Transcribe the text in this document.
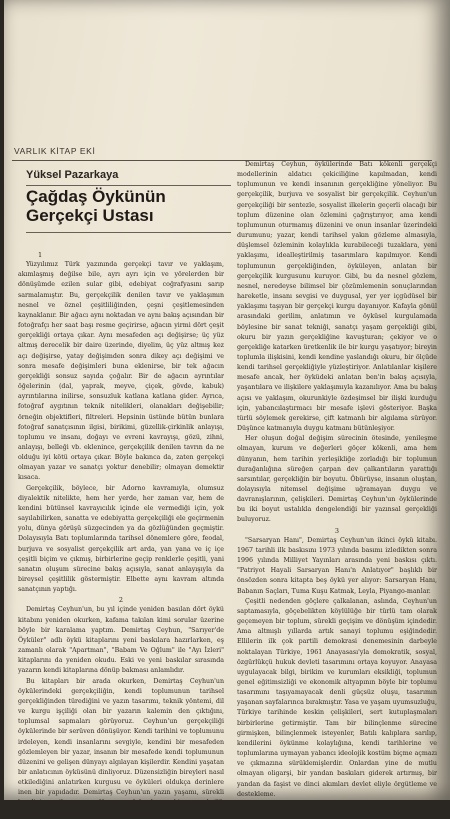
VARLIK KİTAP EKİ
Yüksel Pazarkaya
Çağdaş Öykünün Gerçekçi Ustası

1

Yüzyılımız Türk yazınında gerçekçi tavır ve yaklaşım, akımlaşmış değilse bile, ayrı ayrı için ve yörelerden bir dönüşümde ezilen sular gibi, edebiyat coğrafyasını sarıp sarmalamıştır. Bu, gerçekçilik denilen tavır ve yaklaşımın nesnel ve öznel çeşitliliğinden, çeşni çeşitlemesinden kaynaklanır. Bir ağacı aynı noktadan ve aynı bakış açısından bir fotoğrafçı her saat başı resme geçirirse, ağacın yirmi dört çeşit gerçekliği ortaya çıkar. Aynı mesafeden açı değişirse; üç yüz altmış derecelik bir daire üzerinde, diyelim, üç yüz altmış kez açı değişirse, yatay değişimden sonra dikey açı değişimi ve sonra mesafe değişimleri buna eklenirse, bir tek ağacın gerçekliği sonsuz sayıda çoğalır. Bir de ağacın ayrıntılar öğelerinin (dal, yaprak, meyve, çiçek, gövde, kabuk) ayrıntılarına inilirse, sonsuzluk katlana katlana gider. Ayrıca, fotoğraf aygıtının teknik nitelikleri, olanakları değişebilir; örneğin objektifleri, filtreleri. Hepsinin üstünde bütün bunlara fotoğraf sanatçısının ilgisi, birikimi, güzellik-çirkinlik anlayışı, toplumu ve insanı, doğayı ve evreni kavrayışı, gözü, zihni, anlayışı, belleği vb. eklenince, gerçekçilik denilen tavrın da ne olduğu iyi kötü ortaya çıkar. Böyle bakınca da, zaten gerçekçi olmayan yazar ve sanatçı yoktur denebilir; olmayan demektir kısaca.

Gerçekçilik, böylece, bir Adorno kavramıyla, olumsuz diyalektik nitelikte, hem her yerde, her zaman var, hem de kendini bütünsel kavrayıcılık içinde ele vermediği için, yok sayılabilirken, sanatta ve edebiyatta gerçekçiliği ele geçirmenin yolu, dünya görüşü süzgecinden ya da gözlüğünden geçmiştir. Dolayısıyla Batı toplumlarında tarihsel dönemlere göre, feodal, burjuva ve sosyalist gerçekçilik art arda, yan yana ve iç içe çeşitli biçim ve çıkmış, birbirlerine geçip renklerle çeşitli, yani sanatın oluşum sürecine bakış açısıyla, sanat anlayışıyla da bireysel çeşitlilik göstermiştir. Elbette aynı kavram altında sanatçının yaptığı.

2

Demirtaş Ceyhun'un, bu yıl içinde yeniden basılan dört öykü kitabını yeniden okurken, kafama takılan kimi sorular üzerine böyle bir karalama yaptım. Demirtaş Ceyhun, "Sarıyer'de Öyküler" adlı öykü kitaplarını yeni baskılara hazırlarken, eş zamanlı olarak "Apartman", "Babam Ve Oğlum" ile "Ayı İzleri" kitaplarını da yeniden okudu. Eski ve yeni baskılar sırasında yazarın kendi kitaplarına dönüp bakması anlamlıdır.

Bu kitapları bir arada okurken, Demirtaş Ceyhun'un öykülerindeki gerçekçiliğin, kendi toplumunun tarihsel gerçekliğinden türediğini ve yazın tasarımı, teknik yöntemi, dil ve kurgu işçiliği olan bir yazarın kalemin den çıktığını, toplumsal sapmaları görüyoruz. Ceyhun'un gerçekçiliği öykülerinde bir serüven dönüşüyor. Kendi tarihini ve toplumunu irdeleyen, kendi insanlarını sevgiyle, kendini bir mesafeden gözlemleyen bir yazar, insanın bir mesafede kendi toplumunun düzenini ve gelişen dünyayı algılayan kişilerdir. Kendini yaşatan bir anlatıcının öyküsünü dinliyoruz. Düzensizliğin bireyleri nasıl etkilediğini anlatırken kurgusu ve öyküleri oldukça derinlere inen bir yapıdadır. Demirtaş Ceyhun'un yazın yaşamı, sürekli kendini yenileyen ve dünyayı gözlemleyen bir gerçekçilik çizgisinde diyalektik bir yolculuğa dönüşür.

Demirtaş Ceyhun, öykülerinde Batı kökenli gerçekçi modellerinin aldatıcı çekiciliğine kapılmadan, kendi toplumunun ve kendi insanının gerçekliğine yöneliyor. Bu gerçekçilik, burjuva ve sosyalist bir gerçekçilik. Ceyhun'un gerçekçiliği bir sentezle, sosyalist ilkelerin geçerli olacağı bir toplum düzenine olan özlemini çağrıştırıyor, ama kendi toplumunun oturmamış düzenini ve onun insanlar üzerindeki durumunu; yazar, kendi tarihsel yakın gözleme almasıyla, düşlemsel özleminin kolaylıkla kurabileceği tuzaklara, yeni yaklaşımı, idealleştirilmiş tasarımlara kapılmıyor. Kendi toplumunun gerçekliğinden, öyküleyen, anlatan bir gerçekçilik kurgusunu kuruyor. Gibi, bu da nesnel gözlem, nesnel, neredeyse bilimsel bir çözümlemenin sonuçlarından hareketle, insanı sevgisi ve duygusal, yer yer içgüdüsel bir yaklaşımı taşıyan bir gerçekçi kurgu dayanıyor. Kafayla gönül arasındaki gerilim, anlatımın ve öyküsel kurgulamada böylesine bir sanat tekniği, sanatçı yaşam gerçekliği gibi, okuru bir yazın gerçekliğine kavuşturan; çekiyor ve o gerçekliğe katarken üretkenlik ile bir kurgu yaşatıyor; bireyin toplumla ilişkisini, kendi kendine yaslandığı okuru, bir ölçüde kendi tarihsel gerçekliğiyle yüzleştiriyor. Anlatılanlar kişilere mesafe ancak, her öyküdeki anlatan ben'in bakış açısıyla, yaşantılara ve ilişkilere yaklaşımıyla kazanılıyor. Ama bu bakış açısı ve yaklaşım, okurunkiyle özdeşimsel bir ilişki kurduğu için, yabancılaştırmacı bir mesafe işlevi gösteriyor. Başka türlü söylemek gerekirse, çift katmanlı bir algılama sürüyor. Düşünce katmanıyla duygu katmanı bütünleşiyor.

Her oluşun doğal değişim sürecinin ötesinde, yenileşme olmayan, kurum ve değerleri göçer kökenli, ama hem dünyanın, hem tarihin yerleşikliğe zorladığı bir toplumun durağanlığına süreğen çarpan dev çalkantıların yarattığı sarsıntılar, gerçekliğin bir boyutu. Öbürüyse, insanın oluştan, dolayısıyla nitemsel değişime uğramayan duygu ve davranışlarının, çelişkileri. Demirtaş Ceyhun'un öykülerinde bu iki boyut ustalıkla dengelendiği bir yazınsal gerçekliği buluyoruz.

3

"Sarsaryan Hanı", Demirtaş Ceyhun'un ikinci öykü kitabı. 1967 tarihli ilk baskısını 1973 yılında basımı izledikten sonra 1996 yılında Milliyet Yayınları arasında yeni baskısı çıktı. "Patriyot Hayali Sarsaryan Hanı'n Anlatıyor" başlıklı bir önsözden sonra kitapta beş öykü yer alıyor: Sarsaryan Hanı, Babanın Saçları, Tuma Kuşu Katmak, Leyla, Piyango-manlar.

Çeşitli nedenden göçlere çalkalanan, aslında, Ceyhun'un saptamasıyla, göçebelikten köylülüğe bir türlü tam olarak geçemeyen bir toplum, sürekli geçişim ve dönüşüm içindedir. Ama altmışlı yıllarda artık sanayi toplumu eşiğindedir. Ellilerin ilk çok partili demokrasi denemesinin darbeyle noktalayan Türkiye, 1961 Anayasası'yla demokratik, sosyal, özgürlükçü hukuk devleti tasarımını ortaya koyuyor. Anayasa uygulayacak bilgi, birikim ve kurumları eksikliği, toplumun genel eğitimsizliği ve ekonomik altyapının böyle bir toplumu tasarımını taşıyamayacak denli güçsüz oluşu, tasarımın yaşanan sayfalarınca bırakmıştır. Yasa ve yaşam uyumsuzluğu, Türkiye tarihinde keskin çelişkileri, sert kutuplaşmaları birbirlerine getirmiştir. Tam bir bilinçlenme sürecine girmişken, bilinçlenmek isteyenler, Batılı kalıplara sarılıp, kendilerini öykünme kolaylığına, kendi tarihlerine ve toplumlarına uymayan yabancı ideolojik kostüm biçme açmazı ve çıkmazına sürüklemişlerdir. Onlardan yine de mutlu olmayan oligarşi, bir yandan baskıları giderek artırmış, bir yandan da faşist ve dinci akımları devlet eliyle örgütleme ve destekleme.
